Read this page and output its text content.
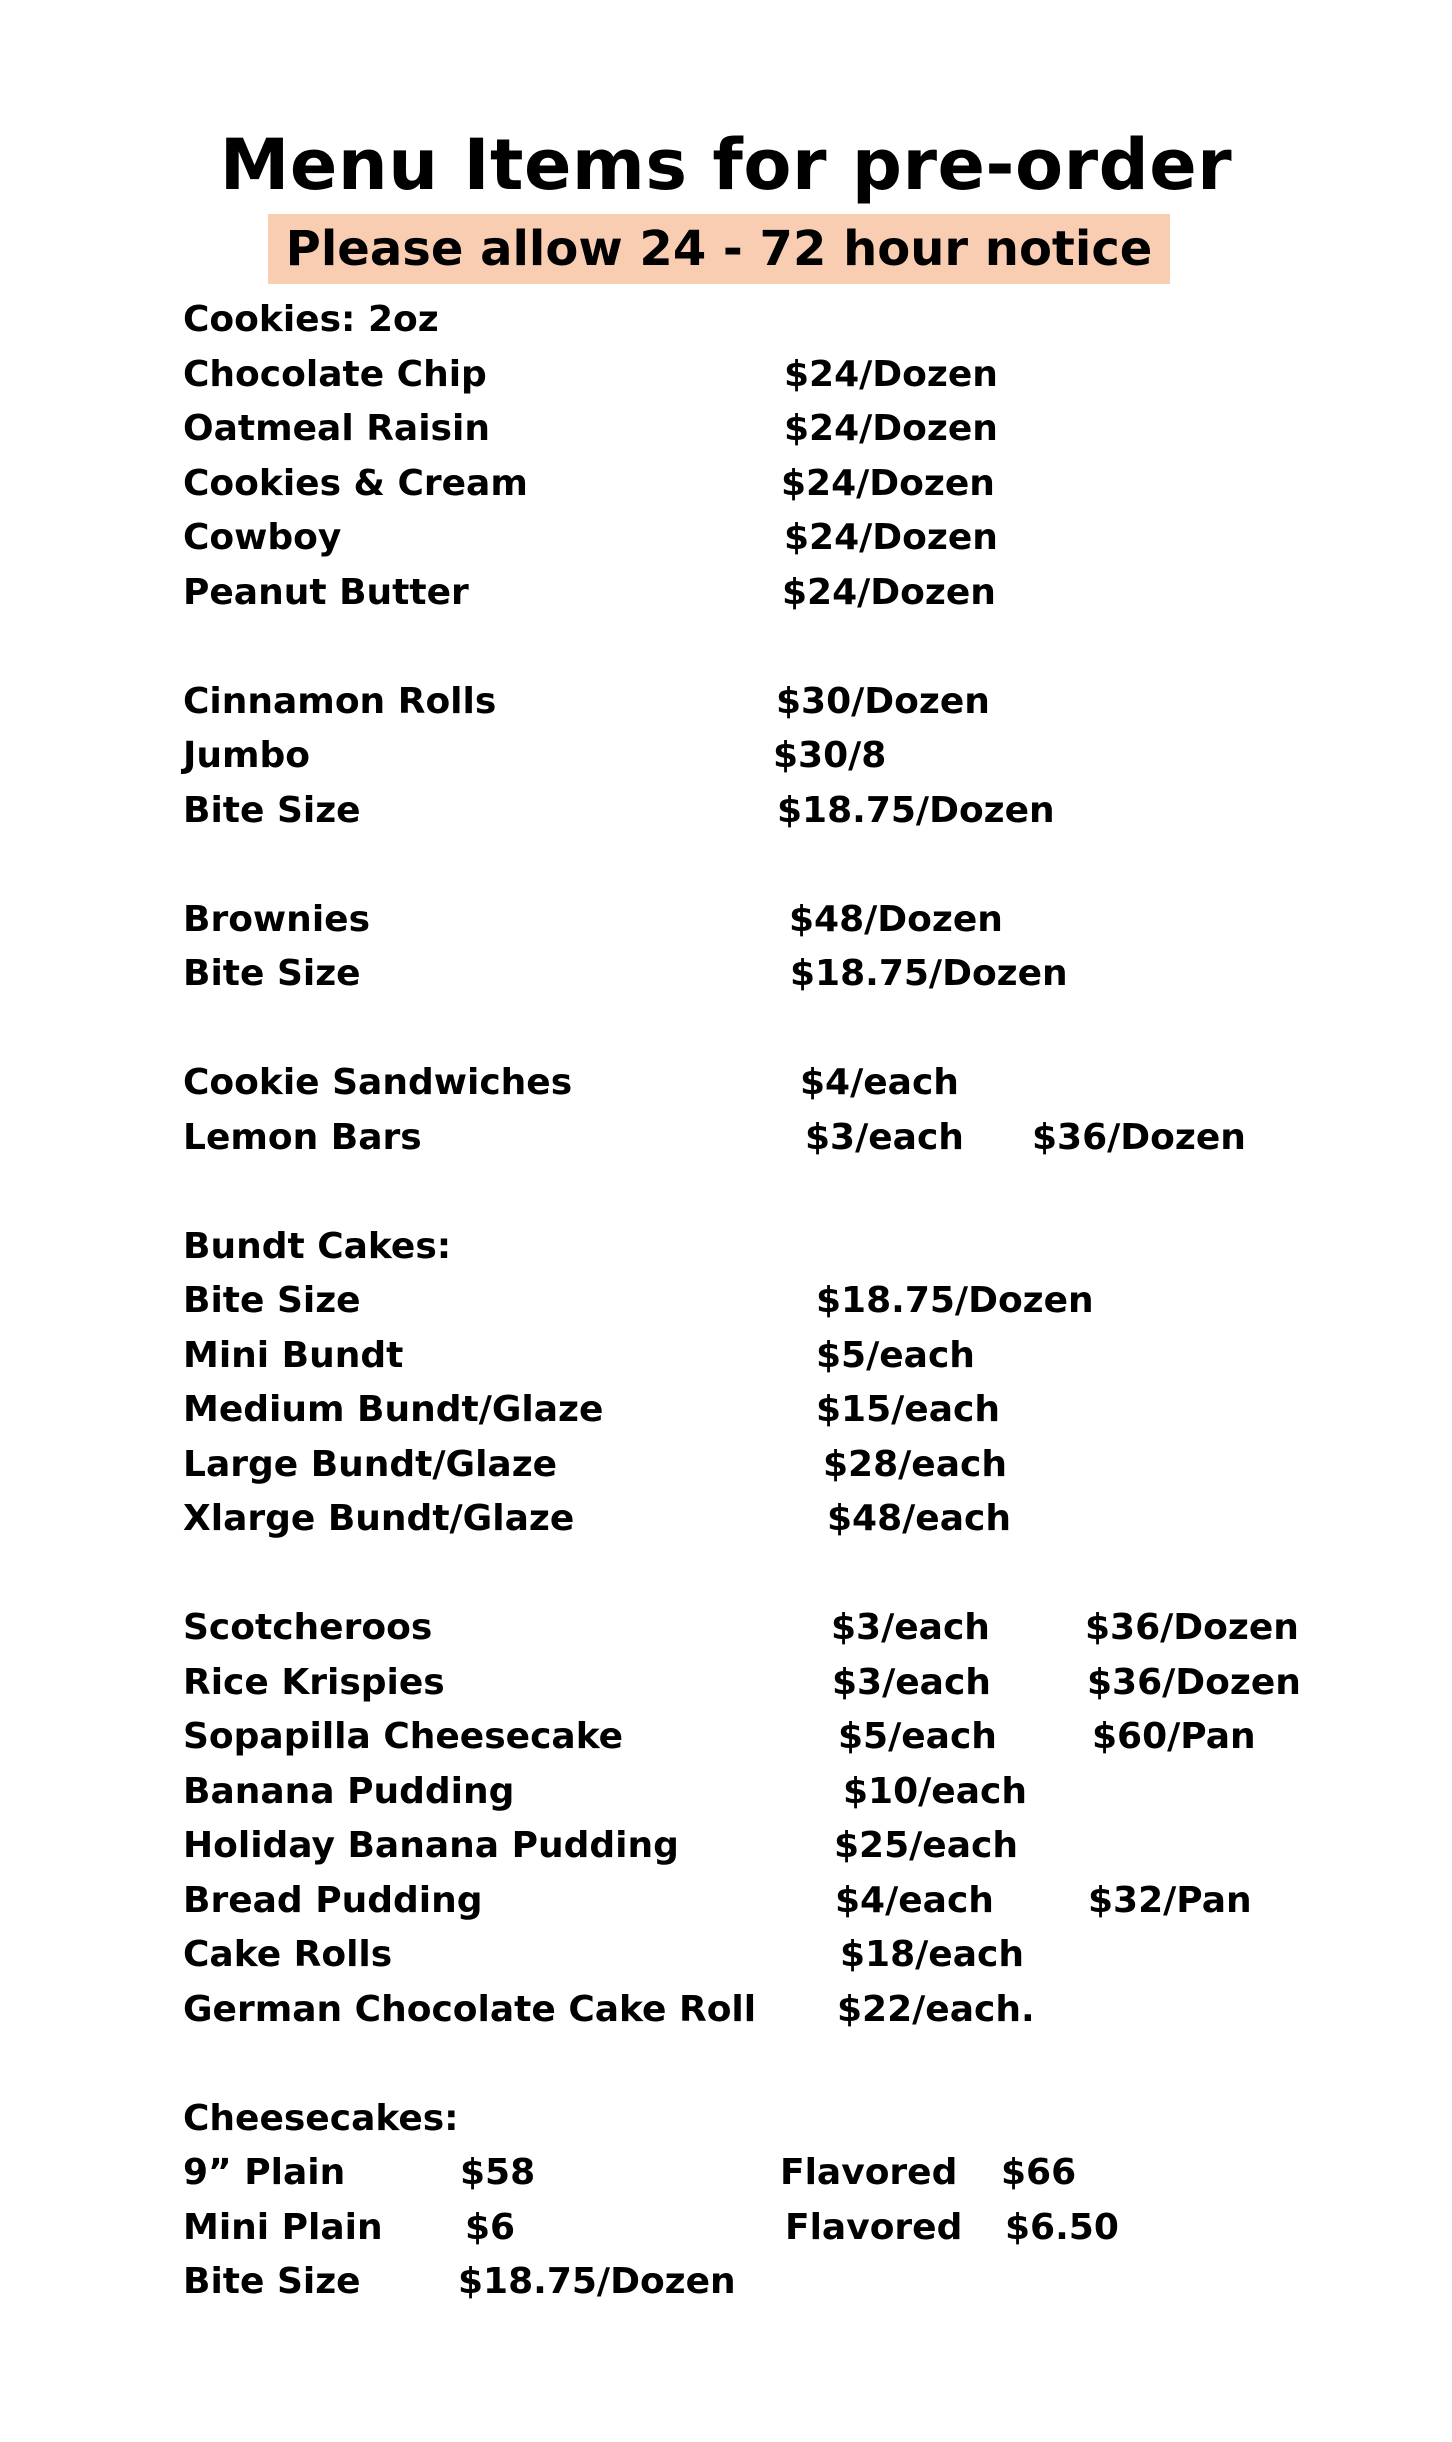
Menu Items for pre-order
Please allow 24 - 72 hour notice
Cookies: 2oz
Chocolate Chip	$24/Dozen
Oatmeal Raisin	$24/Dozen
Cookies & Cream	$24/Dozen
Cowboy	$24/Dozen
Peanut Butter	$24/Dozen
Cinnamon Rolls	$30/Dozen
Jumbo	$30/8
Bite Size	$18.75/Dozen
Brownies	$48/Dozen
Bite Size	$18.75/Dozen
Cookie Sandwiches	$4/each
Lemon Bars	$3/each $36/Dozen
Bundt Cakes:
Bite Size	$18.75/Dozen
Mini Bundt	$5/each
Medium Bundt/Glaze	$15/each
Large Bundt/Glaze	$28/each
Xlarge Bundt/Glaze	$48/each
Scotcheroos	$3/each	$36/Dozen
Rice Krispies	$3/each	$36/Dozen
Sopapilla Cheesecake	$5/each	$60/Pan
Banana Pudding	$10/each
Holiday Banana Pudding	$25/each
Bread Pudding	$4/each	$32/Pan
Cake Rolls	$18/each
German Chocolate Cake Roll $22/each.
Cheesecakes:
9” Plain	$58	Flavored $66
Mini Plain $6	Flavored $6.50
Bite Size	$18.75/Dozen
